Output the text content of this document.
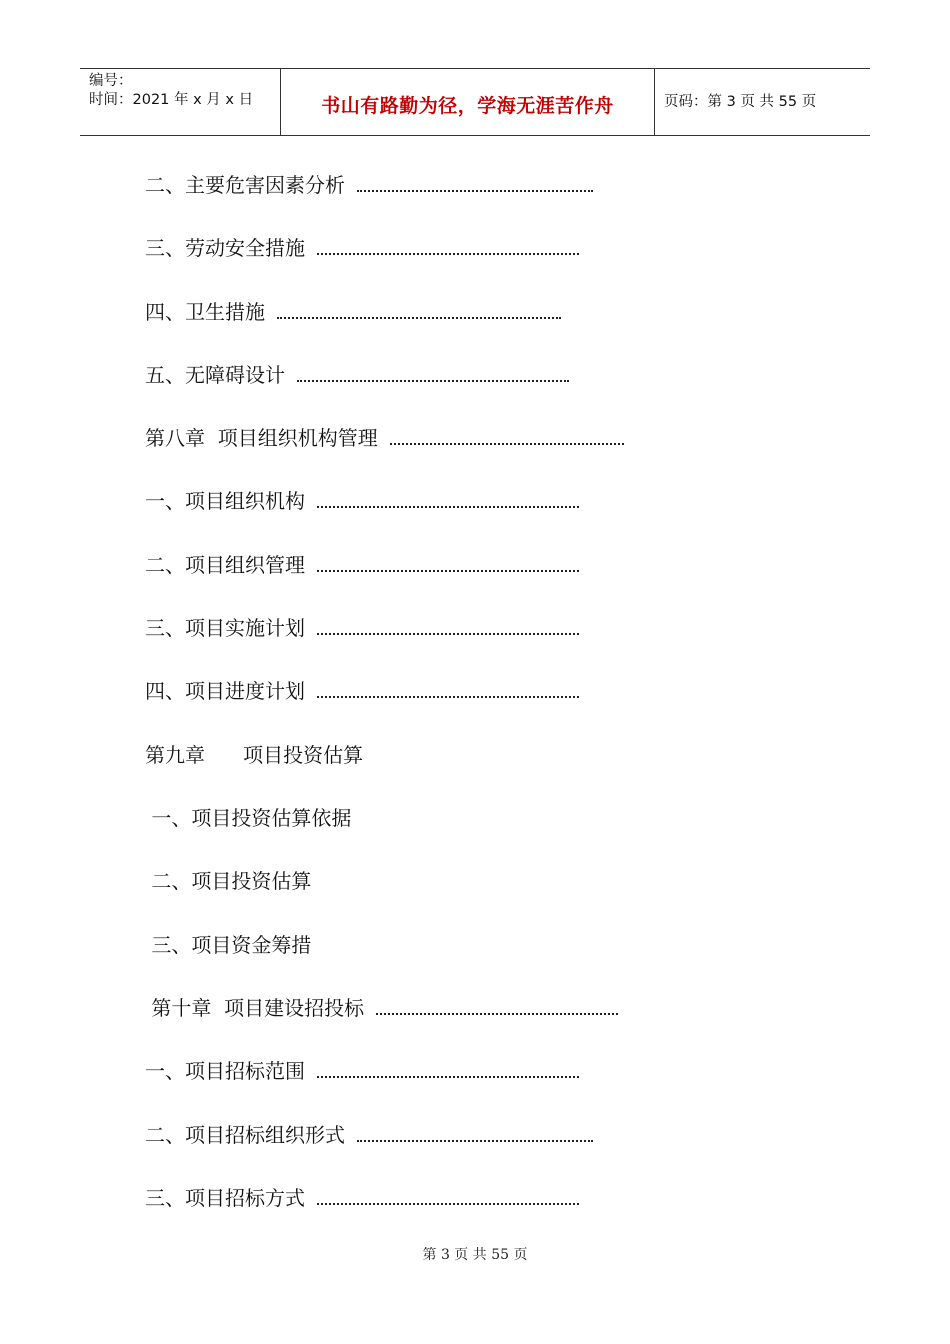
编号：
时间：2021 年 x 月 x 日	书山有路勤为径，学海无涯苦作舟	页码：第 3 页 共 55 页
二、主要危害因素分析
三、劳动安全措施
四、卫生措施
五、无障碍设计
第八章  项目组织机构管理
一、项目组织机构
二、项目组织管理
三、项目实施计划
四、项目进度计划
第九章      项目投资估算
一、项目投资估算依据
二、项目投资估算
三、项目资金筹措
第十章  项目建设招投标
一、项目招标范围
二、项目招标组织形式
三、项目招标方式
第 3 页 共 55 页
